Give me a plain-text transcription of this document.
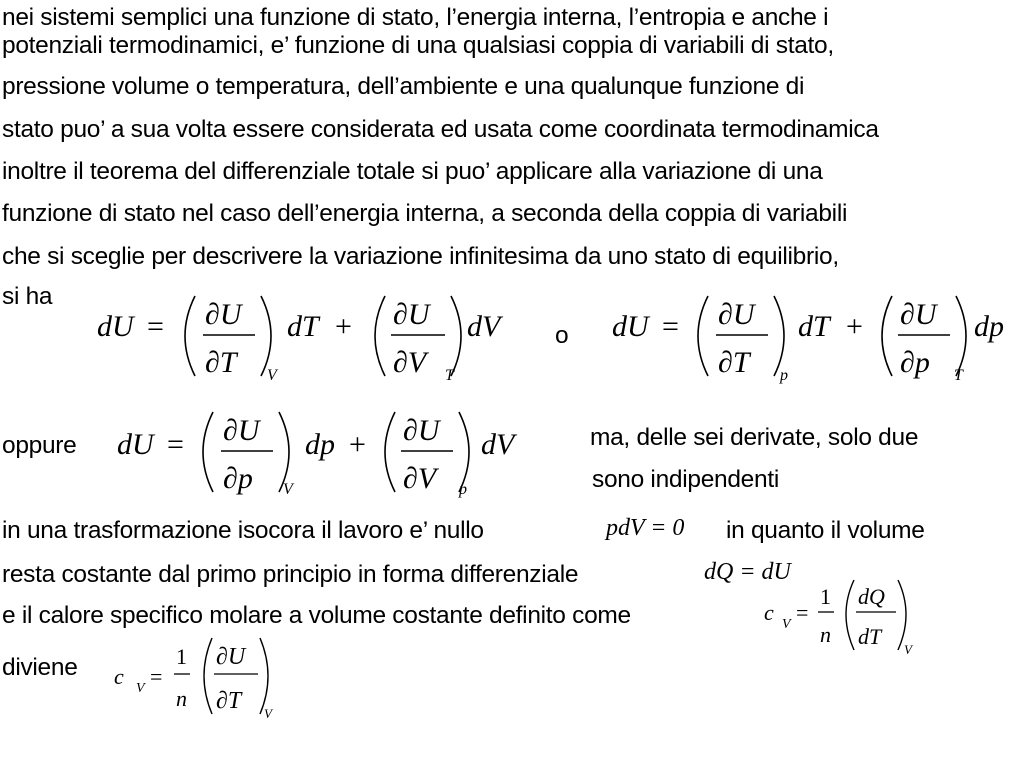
nei sistemi semplici una funzione di stato, l’energia interna, l’entropia e anche i
potenziali termodinamici, e’ funzione di una qualsiasi coppia di variabili di stato,
pressione volume o temperatura, dell’ambiente e una qualunque funzione di
stato puo’ a sua volta essere considerata ed usata come coordinata termodinamica
inoltre il teorema del differenziale totale si puo’ applicare alla variazione di una
funzione di stato nel caso dell’energia interna, a seconda della coppia di variabili
che si sceglie per descrivere la variazione infinitesima da uno stato di equilibrio,
si ha
dU = ∂U
∂T V
dT + ∂U
∂V T
dV o dU = ∂U
∂T p
dT + ∂U
∂p T
dp
oppure dU = ∂U
∂p V
dp + ∂U
∂V p
dV	ma, delle sei derivate, solo due
sono indipendenti
in una trasformazione isocora il lavoro e’ nullo	pdV = 0 in quanto il volume
resta costante dal primo principio in forma differenziale	dQ = dU
e il calore specifico molare a volume costante definito come	c V =
1
n
dQ
dT
V
diviene c V =
1
n
∂U
∂T V
